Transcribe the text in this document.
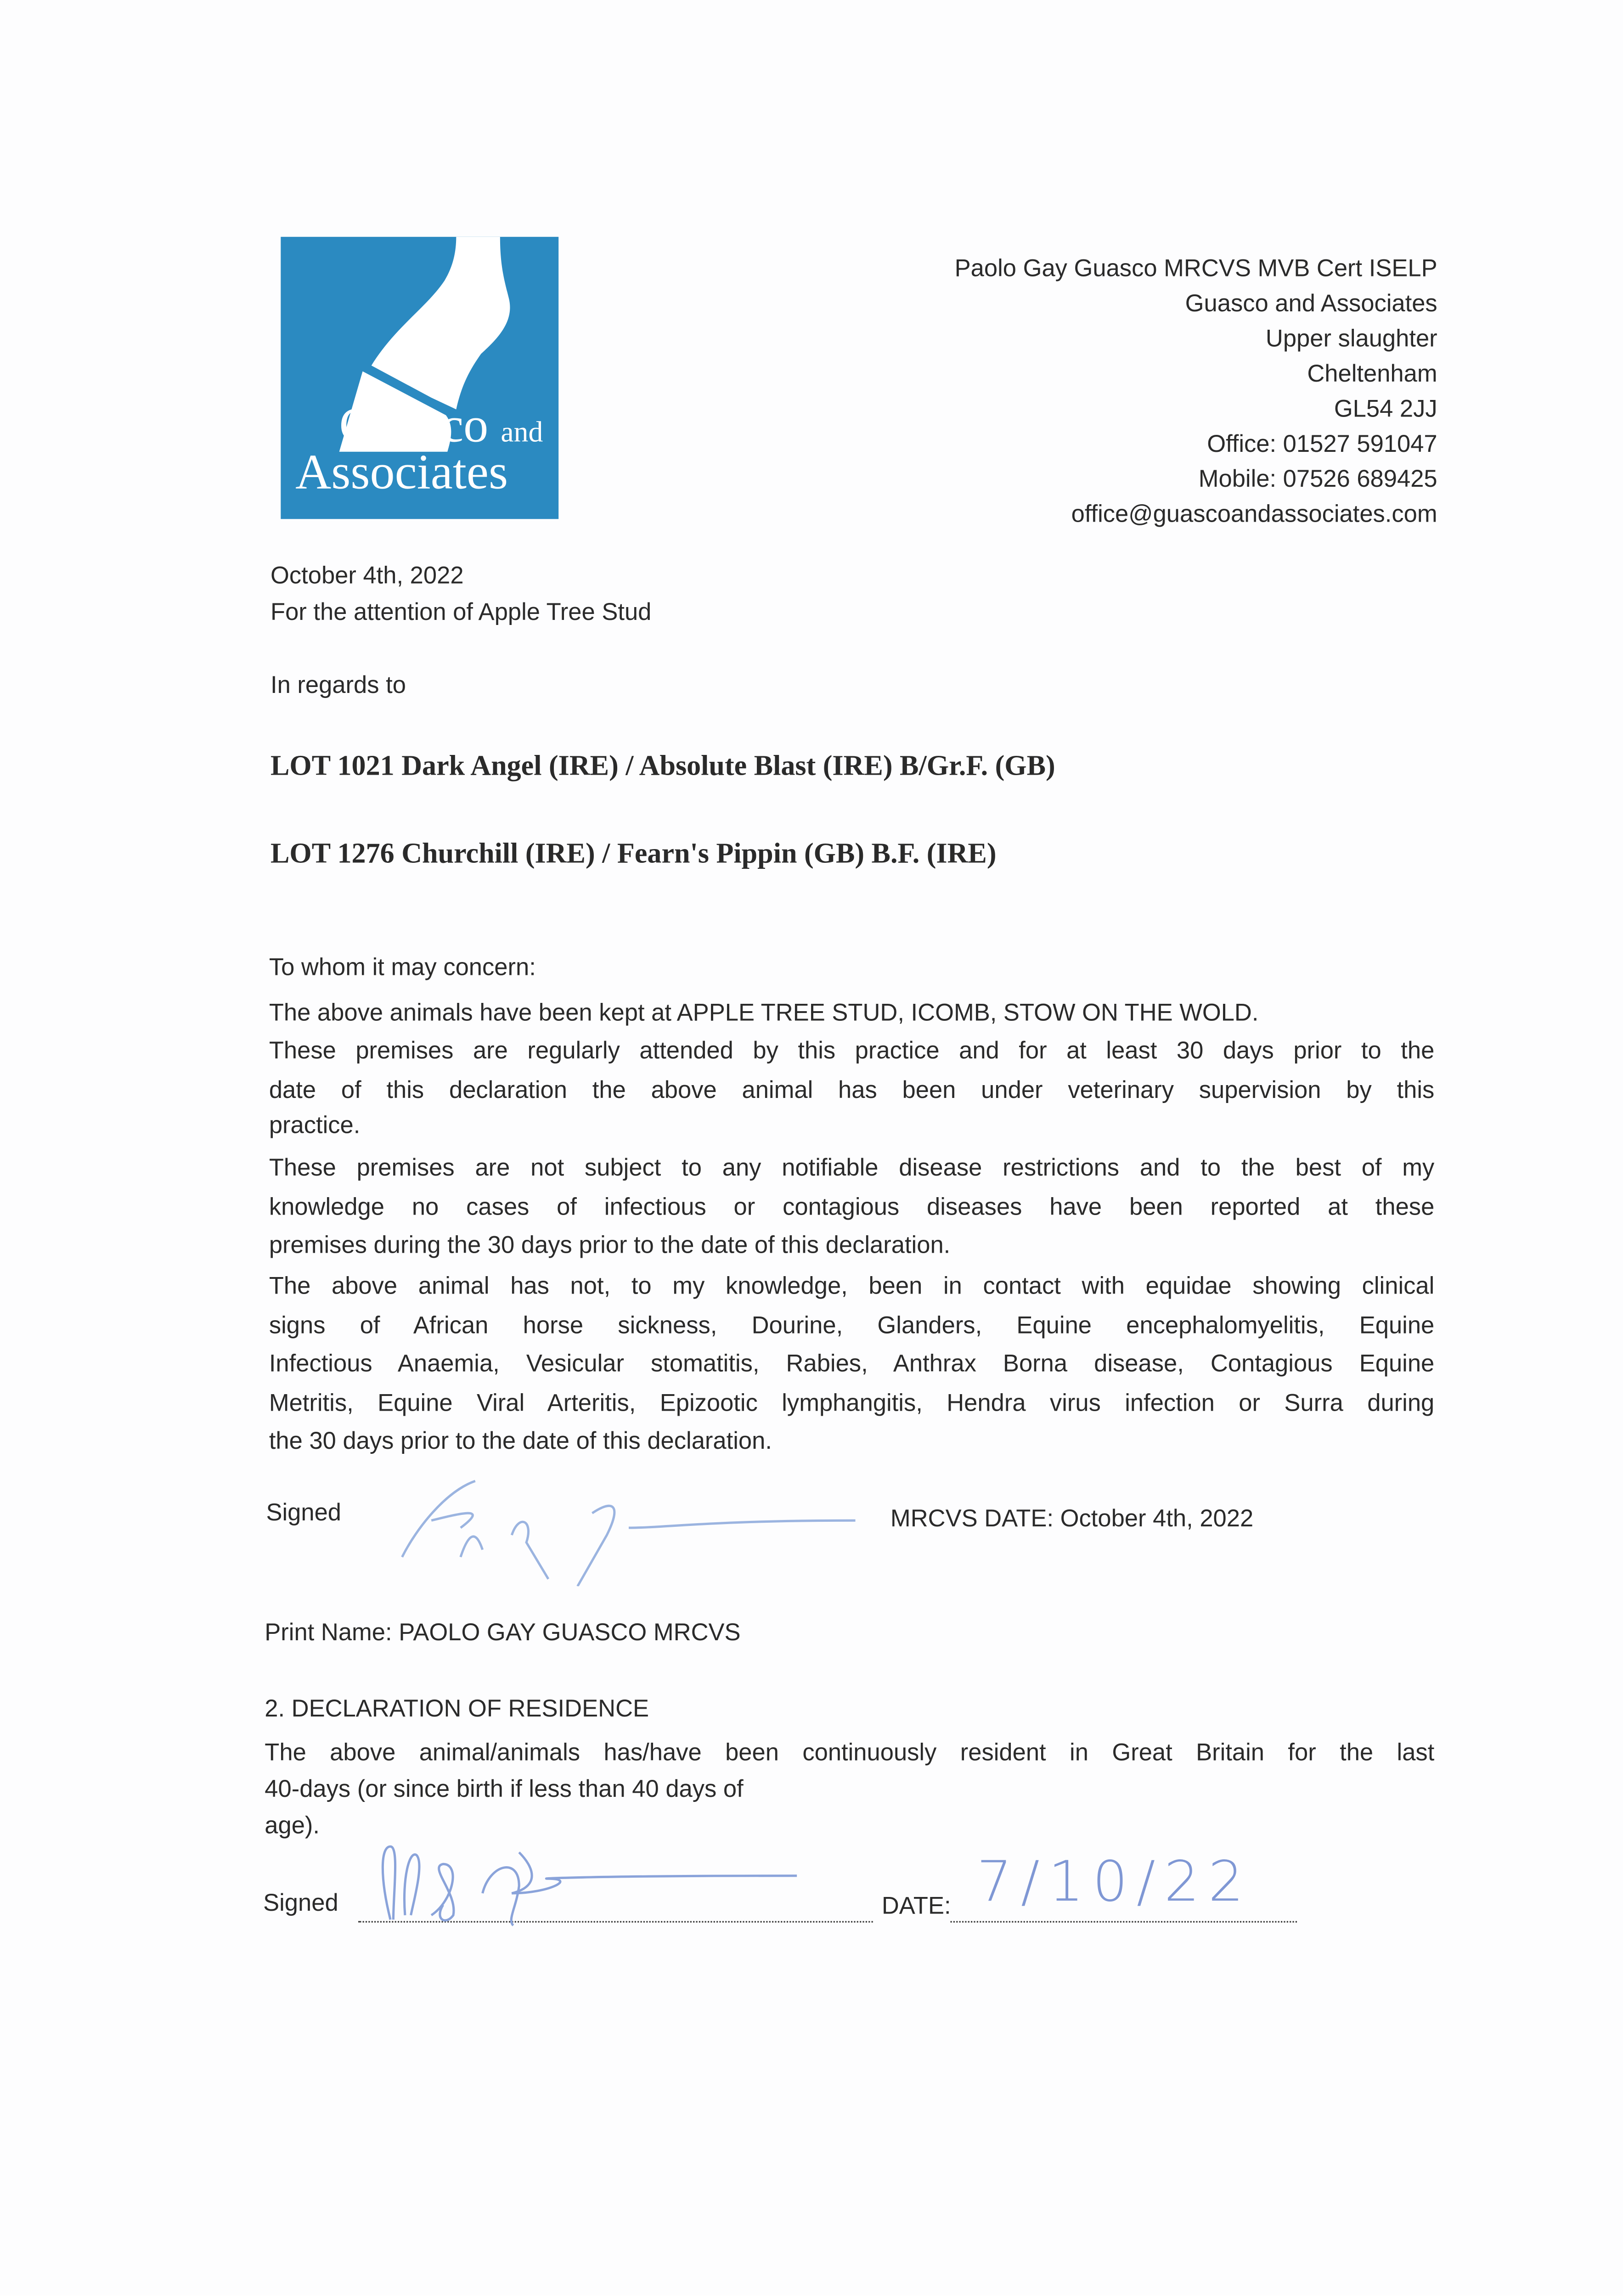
Guasco and
Associates
Paolo Gay Guasco MRCVS MVB Cert ISELP
Guasco and Associates
Upper slaughter
Cheltenham
GL54 2JJ
Office: 01527 591047
Mobile: 07526 689425
office@guascoandassociates.com
October 4th, 2022
For the attention of Apple Tree Stud
In regards to
LOT 1021 Dark Angel (IRE) / Absolute Blast (IRE) B/Gr.F. (GB)
LOT 1276 Churchill (IRE) / Fearn's Pippin (GB) B.F. (IRE)
To whom it may concern:
The above animals have been kept at APPLE TREE STUD, ICOMB, STOW ON THE WOLD.
These premises are regularly attended by this practice and for at least 30 days prior to the
date of this declaration the above animal has been under veterinary supervision by this
practice.
These premises are not subject to any notifiable disease restrictions and to the best of my
knowledge no cases of infectious or contagious diseases have been reported at these
premises during the 30 days prior to the date of this declaration.
The above animal has not, to my knowledge, been in contact with equidae showing clinical
signs of African horse sickness, Dourine, Glanders, Equine encephalomyelitis, Equine
Infectious Anaemia, Vesicular stomatitis, Rabies, Anthrax Borna disease, Contagious Equine
Metritis, Equine Viral Arteritis, Epizootic lymphangitis, Hendra virus infection or Surra during
the 30 days prior to the date of this declaration.
Signed	MRCVS DATE: October 4th, 2022
Print Name: PAOLO GAY GUASCO MRCVS
2. DECLARATION OF RESIDENCE
The above animal/animals has/have been continuously resident in Great Britain for the last
40-days (or since birth if less than 40 days of
age).
Signed	DATE: 7/10/22
